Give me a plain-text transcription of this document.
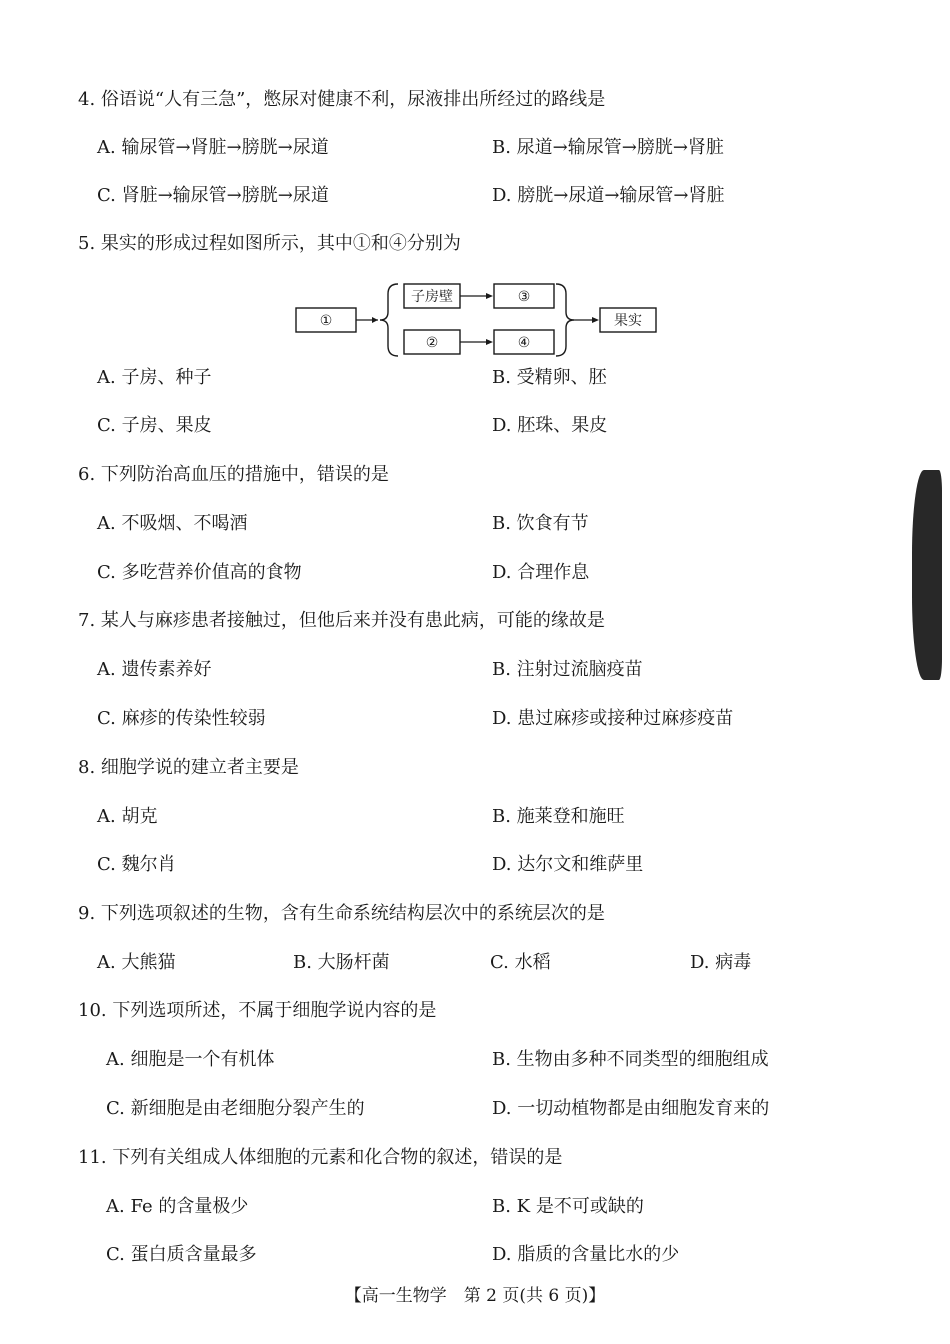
4. 俗语说“人有三急”，憋尿对健康不利，尿液排出所经过的路线是
A. 输尿管→肾脏→膀胱→尿道	B. 尿道→输尿管→膀胱→肾脏
C. 肾脏→输尿管→膀胱→尿道	D. 膀胱→尿道→输尿管→肾脏
5. 果实的形成过程如图所示，其中①和④分别为
①
子房壁	③
②	④
果实
A. 子房、种子	B. 受精卵、胚
C. 子房、果皮	D. 胚珠、果皮
6. 下列防治高血压的措施中，错误的是
A. 不吸烟、不喝酒	B. 饮食有节
C. 多吃营养价值高的食物	D. 合理作息
7. 某人与麻疹患者接触过，但他后来并没有患此病，可能的缘故是
A. 遗传素养好	B. 注射过流脑疫苗
C. 麻疹的传染性较弱	D. 患过麻疹或接种过麻疹疫苗
8. 细胞学说的建立者主要是
A. 胡克	B. 施莱登和施旺
C. 魏尔肖	D. 达尔文和维萨里
9. 下列选项叙述的生物，含有生命系统结构层次中的系统层次的是
A. 大熊猫	B. 大肠杆菌	C. 水稻	D. 病毒
10. 下列选项所述，不属于细胞学说内容的是
A. 细胞是一个有机体	B. 生物由多种不同类型的细胞组成
C. 新细胞是由老细胞分裂产生的	D. 一切动植物都是由细胞发育来的
11. 下列有关组成人体细胞的元素和化合物的叙述，错误的是
A. Fe 的含量极少	B. K 是不可或缺的
C. 蛋白质含量最多	D. 脂质的含量比水的少
【高一生物学　第 2 页(共 6 页)】
